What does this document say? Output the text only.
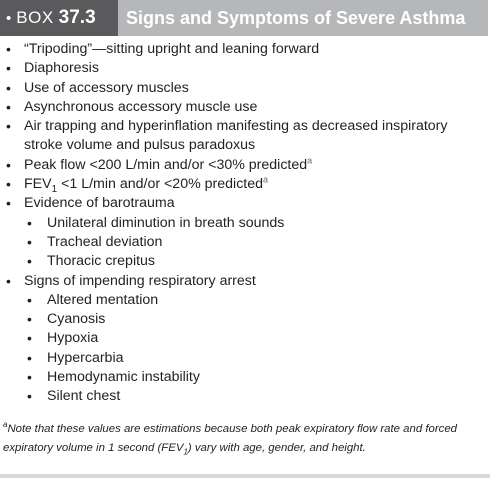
• BOX 37.3	Signs and Symptoms of Severe Asthma
• “Tripoding”—sitting upright and leaning forward
• Diaphoresis
• Use of accessory muscles
• Asynchronous accessory muscle use
• Air trapping and hyperinflation manifesting as decreased inspiratory stroke volume and pulsus paradoxus
• Peak flow <200 L/min and/or <30% predicted$^a$
• $FEV_1 <1$ L/min and/or <20% predicted$^a$
• Evidence of barotrauma
• Unilateral diminution in breath sounds
• Tracheal deviation
• Thoracic crepitus
• Signs of impending respiratory arrest
• Altered mentation
• Cyanosis
• Hypoxia
• Hypercarbia
• Hemodynamic instability
• Silent chest
$^a$Note that these values are estimations because both peak expiratory flow rate and forced expiratory volume in 1 second $(FEV_1)$ vary with age, gender, and height.
